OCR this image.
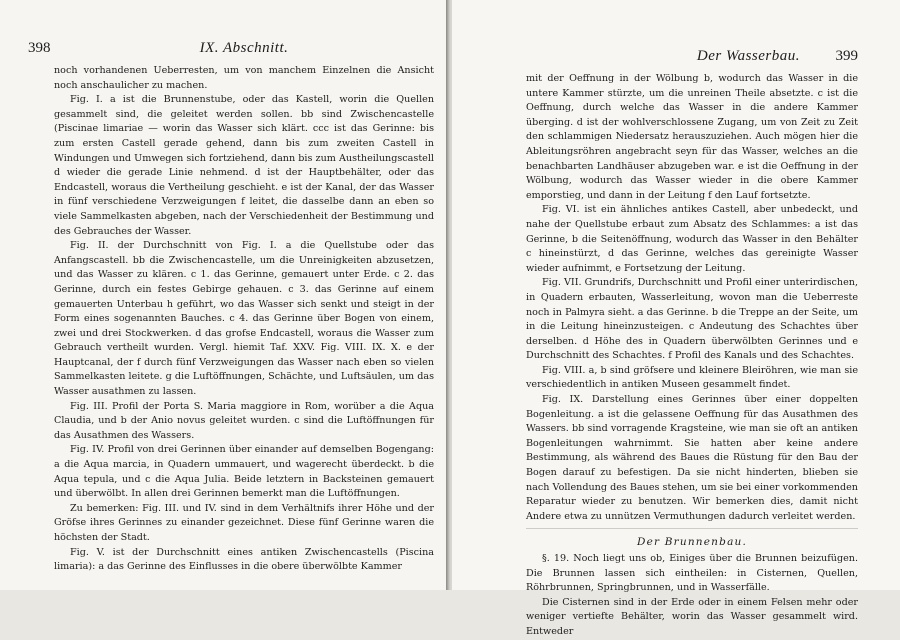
398	IX. Abschnitt.

noch vorhandenen Ueberresten, um von manchem Einzelnen die Ansicht noch anschaulicher zu machen.

Fig. I. a ist die Brunnenstube, oder das Kastell, worin die Quellen gesammelt sind, die geleitet werden sollen. bb sind Zwischencastelle (Piscinae limariae — worin das Wasser sich klärt. ccc ist das Gerinne: bis zum ersten Castell gerade gehend, dann bis zum zweiten Castell in Windungen und Umwegen sich fortziehend, dann bis zum Austheilungscastell d wieder die gerade Linie nehmend. d ist der Hauptbehälter, oder das Endcastell, woraus die Vertheilung geschieht. e ist der Kanal, der das Wasser in fünf verschiedene Verzweigungen f leitet, die dasselbe dann an eben so viele Sammelkasten abgeben, nach der Verschiedenheit der Bestimmung und des Gebrauches der Wasser.

Fig. II. der Durchschnitt von Fig. I. a die Quellstube oder das Anfangscastell. bb die Zwischencastelle, um die Unreinigkeiten abzusetzen, und das Wasser zu klären. c 1. das Gerinne, gemauert unter Erde. c 2. das Gerinne, durch ein festes Gebirge gehauen. c 3. das Gerinne auf einem gemauerten Unterbau h geführt, wo das Wasser sich senkt und steigt in der Form eines sogenannten Bauches. c 4. das Gerinne über Bogen von einem, zwei und drei Stockwerken. d das grofse Endcastell, woraus die Wasser zum Gebrauch vertheilt wurden. Vergl. hiemit Taf. XXV. Fig. VIII. IX. X. e der Hauptcanal, der f durch fünf Verzweigungen das Wasser nach eben so vielen Sammelkasten leitete. g die Luftöffnungen, Schächte, und Luftsäulen, um das Wasser ausathmen zu lassen.

Fig. III. Profil der Porta S. Maria maggiore in Rom, worüber a die Aqua Claudia, und b der Anio novus geleitet wurden. c sind die Luftöffnungen für das Ausathmen des Wassers.

Fig. IV. Profil von drei Gerinnen über einander auf demselben Bogengang: a die Aqua marcia, in Quadern ummauert, und wagerecht überdeckt. b die Aqua tepula, und c die Aqua Julia. Beide letztern in Backsteinen gemauert und überwölbt. In allen drei Gerinnen bemerkt man die Luftöffnungen.

Zu bemerken: Fig. III. und IV. sind in dem Verhältnifs ihrer Höhe und der Gröfse ihres Gerinnes zu einander gezeichnet. Diese fünf Gerinne waren die höchsten der Stadt.

Fig. V. ist der Durchschnitt eines antiken Zwischencastells (Piscina limaria): a das Gerinne des Einflusses in die obere überwölbte Kammer

Der Wasserbau. 399

mit der Oeffnung in der Wölbung b, wodurch das Wasser in die untere Kammer stürzte, um die unreinen Theile absetzte. c ist die Oeffnung, durch welche das Wasser in die andere Kammer überging. d ist der wohlverschlossene Zugang, um von Zeit zu Zeit den schlammigen Niedersatz herauszuziehen. Auch mögen hier die Ableitungsröhren angebracht seyn für das Wasser, welches an die benachbarten Landhäuser abzugeben war. e ist die Oeffnung in der Wölbung, wodurch das Wasser wieder in die obere Kammer emporstieg, und dann in der Leitung f den Lauf fortsetzte.

Fig. VI. ist ein ähnliches antikes Castell, aber unbedeckt, und nahe der Quellstube erbaut zum Absatz des Schlammes: a ist das Gerinne, b die Seitenöffnung, wodurch das Wasser in den Behälter c hineinstürzt, d das Gerinne, welches das gereinigte Wasser wieder aufnimmt, e Fortsetzung der Leitung.

Fig. VII. Grundrifs, Durchschnitt und Profil einer unterirdischen, in Quadern erbauten, Wasserleitung, wovon man die Ueberreste noch in Palmyra sieht. a das Gerinne. b die Treppe an der Seite, um in die Leitung hineinzusteigen. c Andeutung des Schachtes über derselben. d Höhe des in Quadern überwölbten Gerinnes und e Durchschnitt des Schachtes. f Profil des Kanals und des Schachtes.

Fig. VIII. a, b sind gröfsere und kleinere Bleiröhren, wie man sie verschiedentlich in antiken Museen gesammelt findet.

Fig. IX. Darstellung eines Gerinnes über einer doppelten Bogenleitung. a ist die gelassene Oeffnung für das Ausathmen des Wassers. bb sind vorragende Kragsteine, wie man sie oft an antiken Bogenleitungen wahrnimmt. Sie hatten aber keine andere Bestimmung, als während des Baues die Rüstung für den Bau der Bogen darauf zu befestigen. Da sie nicht hinderten, blieben sie nach Vollendung des Baues stehen, um sie bei einer vorkommenden Reparatur wieder zu benutzen. Wir bemerken dies, damit nicht Andere etwa zu unnützen Vermuthungen dadurch verleitet werden.

Der Brunnenbau.

§. 19. Noch liegt uns ob, Einiges über die Brunnen beizufügen. Die Brunnen lassen sich eintheilen: in Cisternen, Quellen, Röhrbrunnen, Springbrunnen, und in Wasserfälle.

Die Cisternen sind in der Erde oder in einem Felsen mehr oder weniger vertiefte Behälter, worin das Wasser gesammelt wird. Entweder
